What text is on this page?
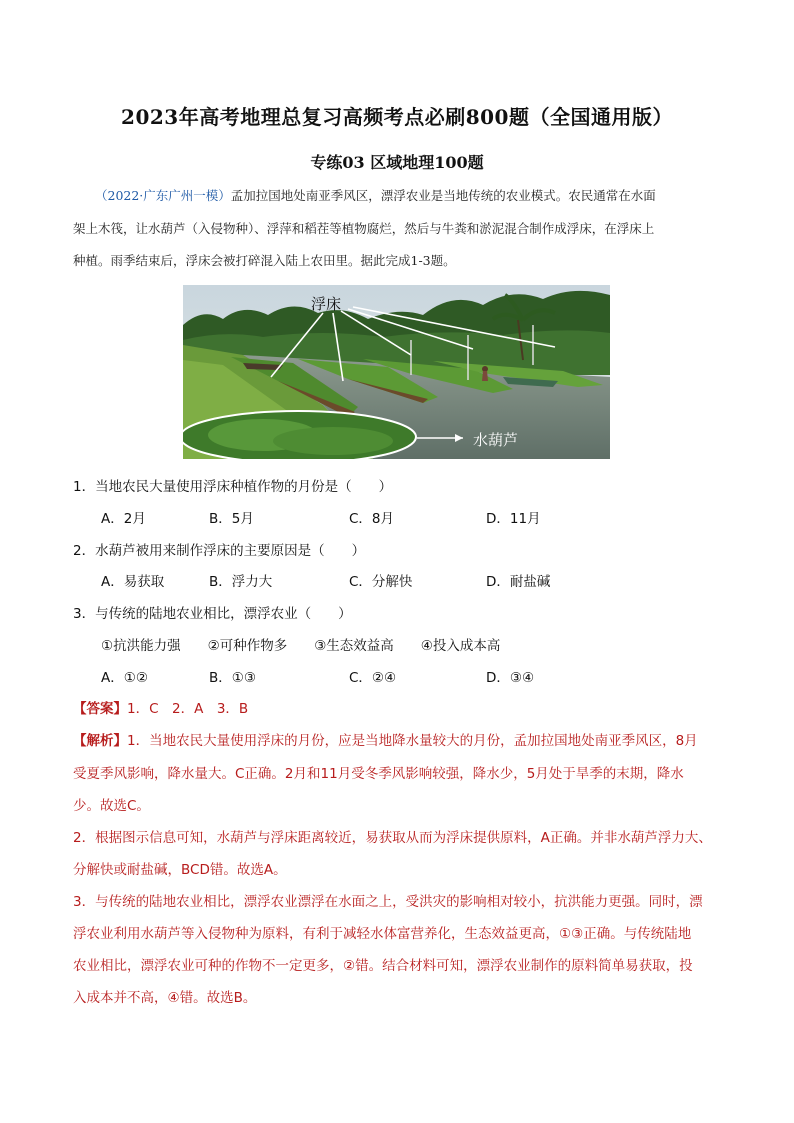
2023年高考地理总复习高频考点必刷800题（全国通用版）
专练03 区域地理100题
（2022·广东广州一模）孟加拉国地处南亚季风区，漂浮农业是当地传统的农业模式。农民通常在水面
架上木筏，让水葫芦（入侵物种）、浮萍和稻茬等植物腐烂，然后与牛粪和淤泥混合制作成浮床，在浮床上
种植。雨季结束后，浮床会被打碎混入陆上农田里。据此完成1-3题。
浮床
水葫芦
1．当地农民大量使用浮床种植作物的月份是（　　）
A．2月	B．5月	C．8月	D．11月
2．水葫芦被用来制作浮床的主要原因是（　　）
A．易获取	B．浮力大	C．分解快	D．耐盐碱
3．与传统的陆地农业相比，漂浮农业（　　）
①抗洪能力强　　②可种作物多　　③生态效益高　　④投入成本高
A．①②	B．①③	C．②④	D．③④
【答案】1．C　2．A　3．B
【解析】1．当地农民大量使用浮床的月份，应是当地降水量较大的月份，孟加拉国地处南亚季风区，8月
受夏季风影响，降水量大。C正确。2月和11月受冬季风影响较强，降水少，5月处于旱季的末期，降水
少。故选C。
2．根据图示信息可知，水葫芦与浮床距离较近，易获取从而为浮床提供原料，A正确。并非水葫芦浮力大、
分解快或耐盐碱，BCD错。故选A。
3．与传统的陆地农业相比，漂浮农业漂浮在水面之上，受洪灾的影响相对较小，抗洪能力更强。同时，漂
浮农业利用水葫芦等入侵物种为原料，有利于减轻水体富营养化，生态效益更高，①③正确。与传统陆地
农业相比，漂浮农业可种的作物不一定更多，②错。结合材料可知，漂浮农业制作的原料简单易获取，投
入成本并不高，④错。故选B。
